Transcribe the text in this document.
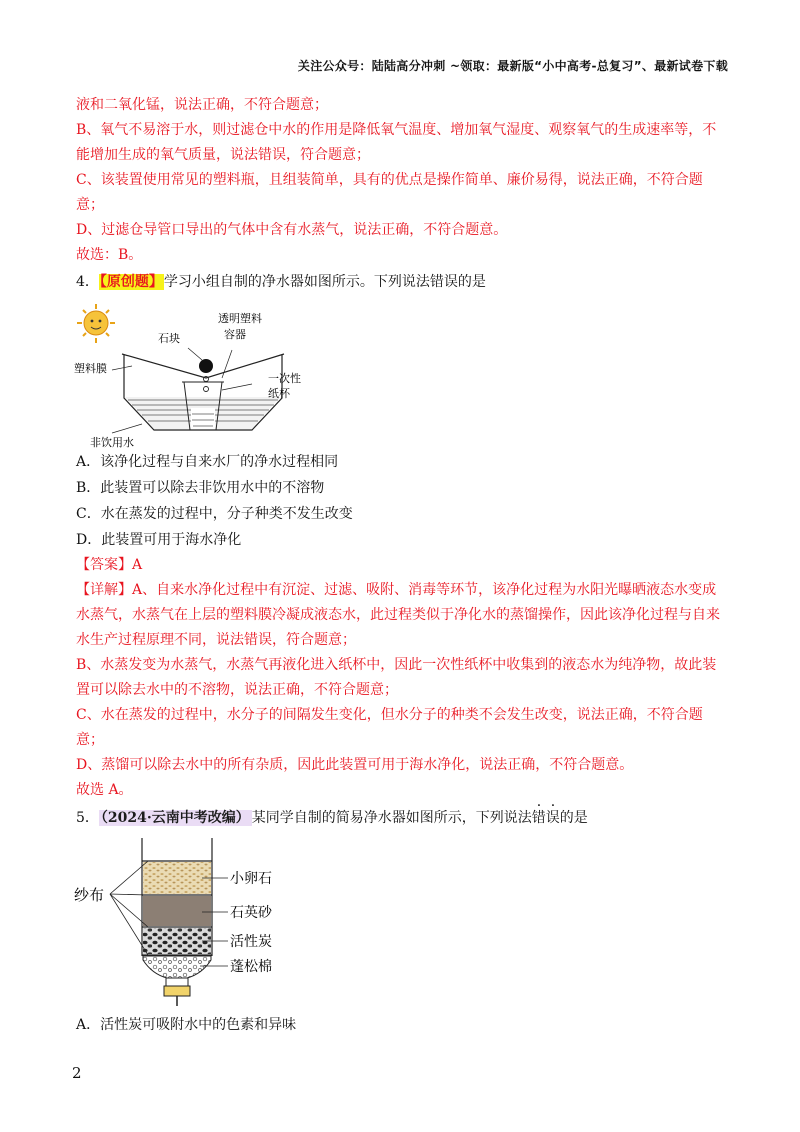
关注公众号：陆陆高分冲刺 ~领取：最新版“小中高考-总复习”、最新试卷下载
液和二氧化锰，说法正确，不符合题意；
B、氧气不易溶于水，则过滤仓中水的作用是降低氧气温度、增加氧气湿度、观察氧气的生成速率等，不
能增加生成的氧气质量，说法错误，符合题意；
C、该装置使用常见的塑料瓶，且组装简单，具有的优点是操作简单、廉价易得，说法正确，不符合题
意；
D、过滤仓导管口导出的气体中含有水蒸气，说法正确，不符合题意。
故选：B。
4．【原创题】学习小组自制的净水器如图所示。下列说法错误的是
石块
透明塑料
容器
塑料膜
一次性
纸杯
非饮用水
A．该净化过程与自来水厂的净水过程相同
B．此装置可以除去非饮用水中的不溶物
C．水在蒸发的过程中，分子种类不发生改变
D．此装置可用于海水净化
【答案】A
【详解】A、自来水净化过程中有沉淀、过滤、吸附、消毒等环节，该净化过程为水阳光曝晒液态水变成
水蒸气，水蒸气在上层的塑料膜冷凝成液态水，此过程类似于净化水的蒸馏操作，因此该净化过程与自来
水生产过程原理不同，说法错误，符合题意；
B、水蒸发变为水蒸气，水蒸气再液化进入纸杯中，因此一次性纸杯中收集到的液态水为纯净物，故此装
置可以除去水中的不溶物，说法正确，不符合题意；
C、水在蒸发的过程中，水分子的间隔发生变化，但水分子的种类不会发生改变，说法正确，不符合题
意；
D、蒸馏可以除去水中的所有杂质，因此此装置可用于海水净化，说法正确，不符合题意。
故选 A。
5． （2024·云南中考改编） 某同学自制的简易净水器如图所示，下列说法错误的是
纱布
小卵石
石英砂
活性炭
蓬松棉
A．活性炭可吸附水中的色素和异味
2
